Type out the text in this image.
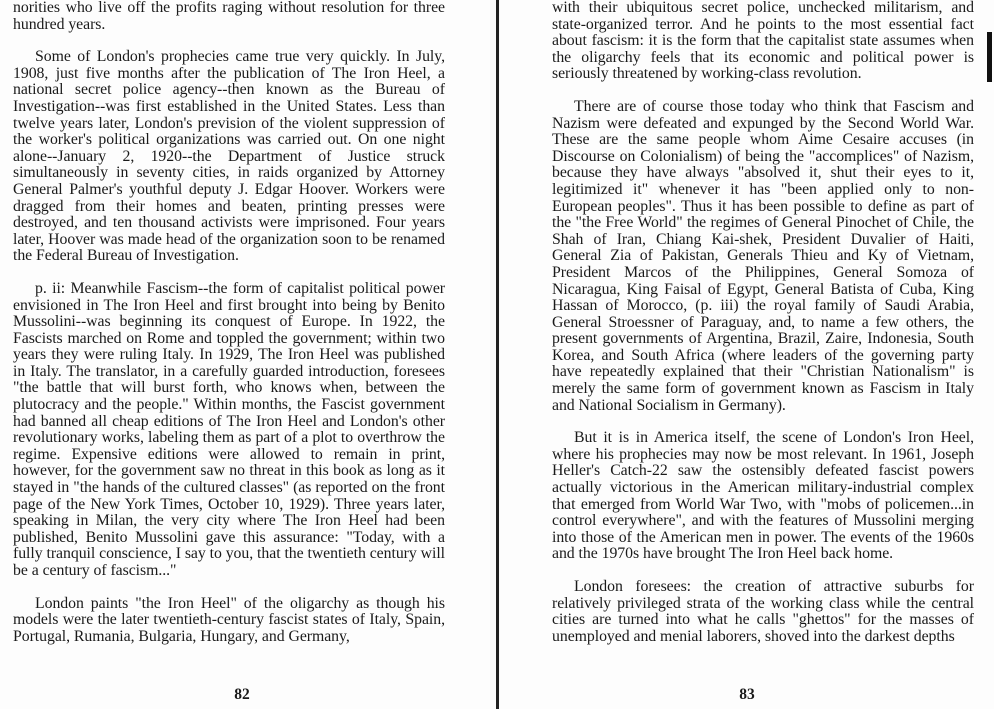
norities who live off the profits raging without resolution for three hundred years.

Some of London's prophecies came true very quickly. In July, 1908, just five months after the publication of The Iron Heel, a national secret police agency--then known as the Bureau of Investigation--was first established in the United States. Less than twelve years later, London's prevision of the violent suppression of the worker's political organizations was carried out. On one night alone--January 2, 1920--the Department of Justice struck simultaneously in seventy cities, in raids organized by Attorney General Palmer's youthful deputy J. Edgar Hoover. Workers were dragged from their homes and beaten, printing presses were destroyed, and ten thousand activists were imprisoned. Four years later, Hoover was made head of the organization soon to be renamed the Federal Bureau of Investigation.

p. ii: Meanwhile Fascism--the form of capitalist political power envisioned in The Iron Heel and first brought into being by Benito Mussolini--was beginning its conquest of Europe. In 1922, the Fascists marched on Rome and toppled the government; within two years they were ruling Italy. In 1929, The Iron Heel was published in Italy. The translator, in a carefully guarded introduction, foresees "the battle that will burst forth, who knows when, between the plutocracy and the people." Within months, the Fascist government had banned all cheap editions of The Iron Heel and London's other revolutionary works, labeling them as part of a plot to overthrow the regime. Expensive editions were allowed to remain in print, however, for the government saw no threat in this book as long as it stayed in "the hands of the cultured classes" (as reported on the front page of the New York Times, October 10, 1929). Three years later, speaking in Milan, the very city where The Iron Heel had been published, Benito Mussolini gave this assurance: "Today, with a fully tranquil conscience, I say to you, that the twentieth century will be a century of fascism..."

London paints "the Iron Heel" of the oligarchy as though his models were the later twentieth-century fascist states of Italy, Spain, Portugal, Rumania, Bulgaria, Hungary, and Germany,

82

with their ubiquitous secret police, unchecked militarism, and state-organized terror. And he points to the most essential fact about fascism: it is the form that the capitalist state assumes when the oligarchy feels that its economic and political power is seriously threatened by working-class revolution.

There are of course those today who think that Fascism and Nazism were defeated and expunged by the Second World War. These are the same people whom Aime Cesaire accuses (in Discourse on Colonialism) of being the "accomplices" of Nazism, because they have always "absolved it, shut their eyes to it, legitimized it" whenever it has "been applied only to non-European peoples". Thus it has been possible to define as part of the "the Free World" the regimes of General Pinochet of Chile, the Shah of Iran, Chiang Kai-shek, President Duvalier of Haiti, General Zia of Pakistan, Generals Thieu and Ky of Vietnam, President Marcos of the Philippines, General Somoza of Nicaragua, King Faisal of Egypt, General Batista of Cuba, King Hassan of Morocco, (p. iii) the royal family of Saudi Arabia, General Stroessner of Paraguay, and, to name a few others, the present governments of Argentina, Brazil, Zaire, Indonesia, South Korea, and South Africa (where leaders of the governing party have repeatedly explained that their "Christian Nationalism" is merely the same form of government known as Fascism in Italy and National Socialism in Germany).

But it is in America itself, the scene of London's Iron Heel, where his prophecies may now be most relevant. In 1961, Joseph Heller's Catch-22 saw the ostensibly defeated fascist powers actually victorious in the American military-industrial complex that emerged from World War Two, with "mobs of policemen...in control everywhere", and with the features of Mussolini merging into those of the American men in power. The events of the 1960s and the 1970s have brought The Iron Heel back home.

London foresees: the creation of attractive suburbs for relatively privileged strata of the working class while the central cities are turned into what he calls "ghettos" for the masses of unemployed and menial laborers, shoved into the darkest depths

83
